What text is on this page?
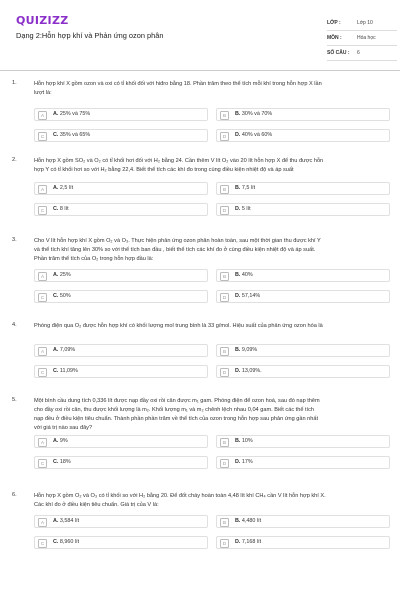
QUIZIZZ
Dạng 2:Hỗn hợp khí và Phản ứng ozon phân
LỚP :	Lớp 10
MÔN :	Hóa học
SỐ CÂU :	6
1.	Hỗn hợp khí X gồm ozon và oxi có tỉ khối đối với hiđro bằng 18. Phần trăm theo thể tích mỗi khí trong hỗn hợp X lần
lượt là:
A	A. 25% và 75%	B	B. 30% và 70%
C	C. 35% và 65%	D	D. 40% và 60%
2.	Hỗn hợp X gồm SO₂ và O₂ có tỉ khối hơi đối với H₂ bằng 24. Cần thêm V lít O₂ vào 20 lít hỗn hợp X để thu được hỗn
hợp Y có tỉ khối hơi so với H₂ bằng 22,4. Biết thể tích các khí đo trong cùng điều kiện nhiệt độ và áp suất
A	A. 2,5 lít	B	B. 7,5 lít
C	C. 8 lít	D	D. 5 lít
3.	Cho V lít hỗn hợp khí X gồm O₂ và O₃. Thực hiện phản ứng ozon phân hoàn toàn, sau một thời gian thu được khí Y
và thể tích khí tăng lên 30% so với thể tích ban đầu , biết thể tích các khí đo ở cùng điều kiện nhiệt độ và áp suất.
Phần trăm thể tích của O₂ trong hỗn hợp đầu là:
A	A. 25%	B	B. 40%
C	C. 50%	D	D. 57,14%
4.	Phóng điện qua O₂ được hỗn hợp khí có khối lượng mol trung bình là 33 g/mol. Hiệu suất của phản ứng ozon hóa là
A	A. 7,09%	B	B. 9,09%
C	C. 11,09%	D	D. 13,09%.
5.	Một bình cầu dung tích 0,336 lít được nạp đầy oxi rồi cân được m₁ gam. Phóng điện để ozon hoá, sau đó nạp thêm
cho đầy oxi rồi cân, thu được khối lượng là m₂. Khối lượng m₁ và m₂ chênh lệch nhau 0,04 gam. Biết các thể tích
nạp đều ở điều kiện tiêu chuẩn. Thành phần phần trăm về thể tích của ozon trong hỗn hợp sau phản ứng gần nhất
với giá trị nào sau đây?
A	A. 9%	B	B. 10%
C	C. 18%	D	D. 17%
6.	Hỗn hợp X gồm O₂ và O₃ có tỉ khối so với H₂ bằng 20. Để đốt cháy hoàn toàn 4,48 lít khí CH₄ cần V lít hỗn hợp khí X.
Các khí đo ở điều kiện tiêu chuẩn. Giá trị của V là:
A	A. 3,584 lít	B	B. 4,480 lít
C	C. 8,960 lít	D	D. 7,168 lít
